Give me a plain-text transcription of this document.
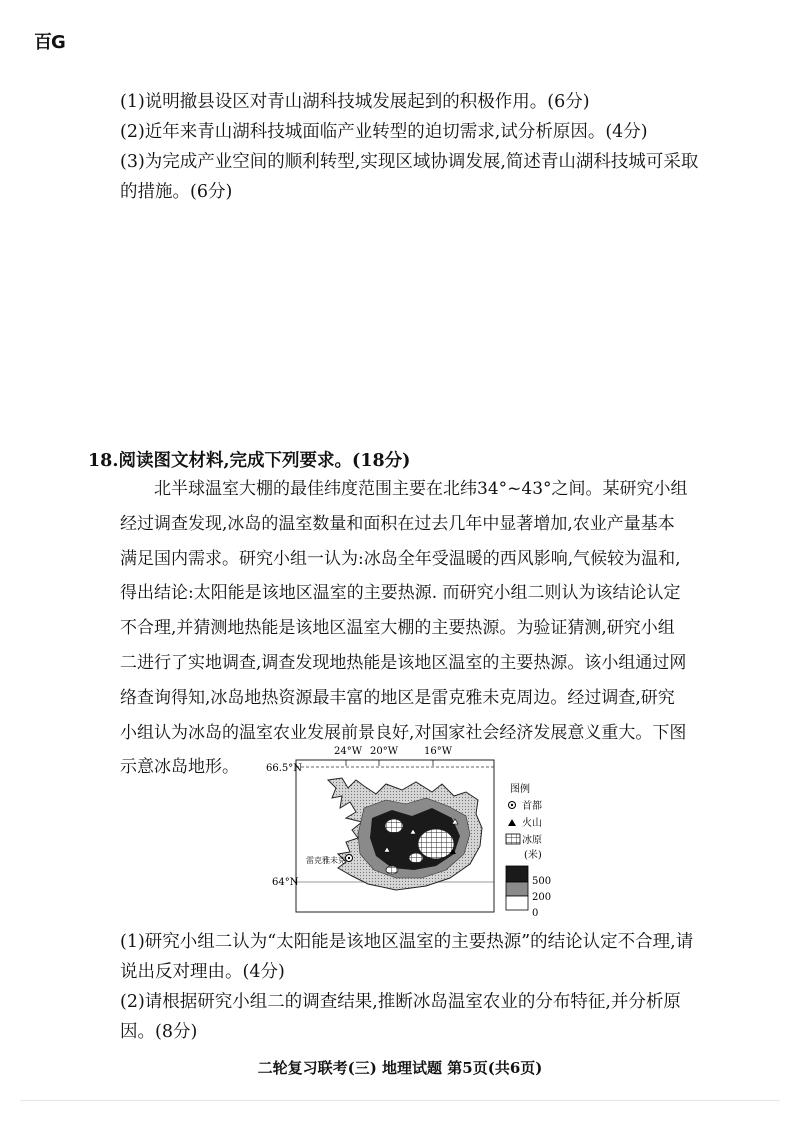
百G
(1)说明撤县设区对青山湖科技城发展起到的积极作用。(6分)
(2)近年来青山湖科技城面临产业转型的迫切需求,试分析原因。(4分)
(3)为完成产业空间的顺利转型,实现区域协调发展,简述青山湖科技城可采取
的措施。(6分)
18.阅读图文材料,完成下列要求。(18分)
北半球温室大棚的最佳纬度范围主要在北纬34°~43°之间。某研究小组
经过调查发现,冰岛的温室数量和面积在过去几年中显著增加,农业产量基本
满足国内需求。研究小组一认为:冰岛全年受温暖的西风影响,气候较为温和,
得出结论:太阳能是该地区温室的主要热源. 而研究小组二则认为该结论认定
不合理,并猜测地热能是该地区温室大棚的主要热源。为验证猜测,研究小组
二进行了实地调查,调查发现地热能是该地区温室的主要热源。该小组通过网
络查询得知,冰岛地热资源最丰富的地区是雷克雅未克周边。经过调查,研究
小组认为冰岛的温室农业发展前景良好,对国家社会经济发展意义重大。下图
示意冰岛地形。
雷克雅未克
24°W 20°W	16°W
66.5°N
64°N
图例
首都
火山
冰原
(米)
500
200
0
(1)研究小组二认为“太阳能是该地区温室的主要热源”的结论认定不合理,请
说出反对理由。(4分)
(2)请根据研究小组二的调查结果,推断冰岛温室农业的分布特征,并分析原
因。(8分)
二轮复习联考(三) 地理试题 第5页(共6页)
